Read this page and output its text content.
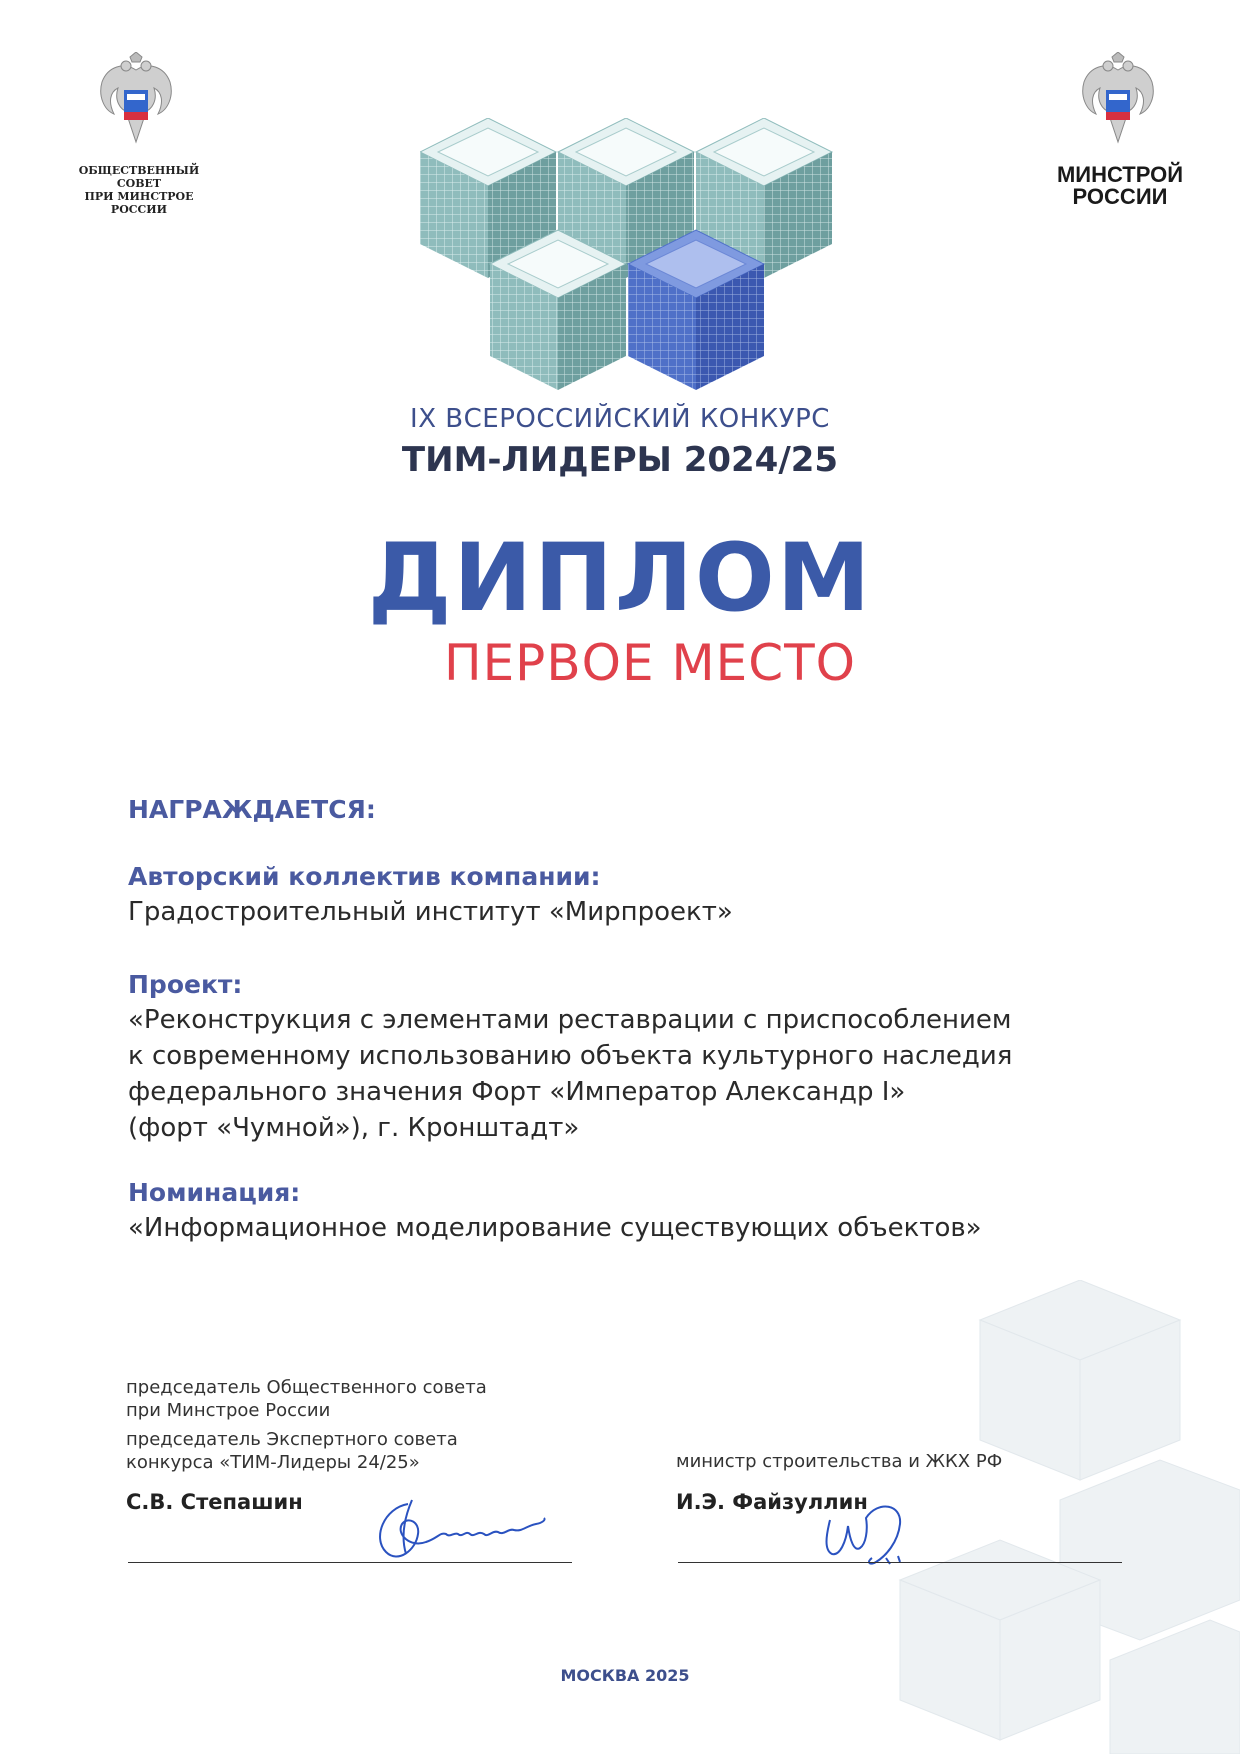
ОБЩЕСТВЕННЫЙ СОВЕТ
ПРИ МИНСТРОЕ
РОССИИ
МИНСТРОЙ
РОССИИ
IX ВСЕРОССИЙСКИЙ КОНКУРС
ТИМ-ЛИДЕРЫ 2024/25
ДИПЛОМ
ПЕРВОЕ МЕСТО
НАГРАЖДАЕТСЯ:
Авторский коллектив компании:
Градостроительный институт «Мирпроект»
Проект:
«Реконструкция с элементами реставрации с приспособлением
к современному использованию объекта культурного наследия
федерального значения Форт «Император Александр I»
(форт «Чумной»), г. Кронштадт»
Номинация:
«Информационное моделирование существующих объектов»
председатель Общественного совета
при Минстрое России
председатель Экспертного совета
конкурса «ТИМ-Лидеры 24/25»
С.В. Степашин
министр строительства и ЖКХ РФ
И.Э. Файзуллин
МОСКВА 2025
